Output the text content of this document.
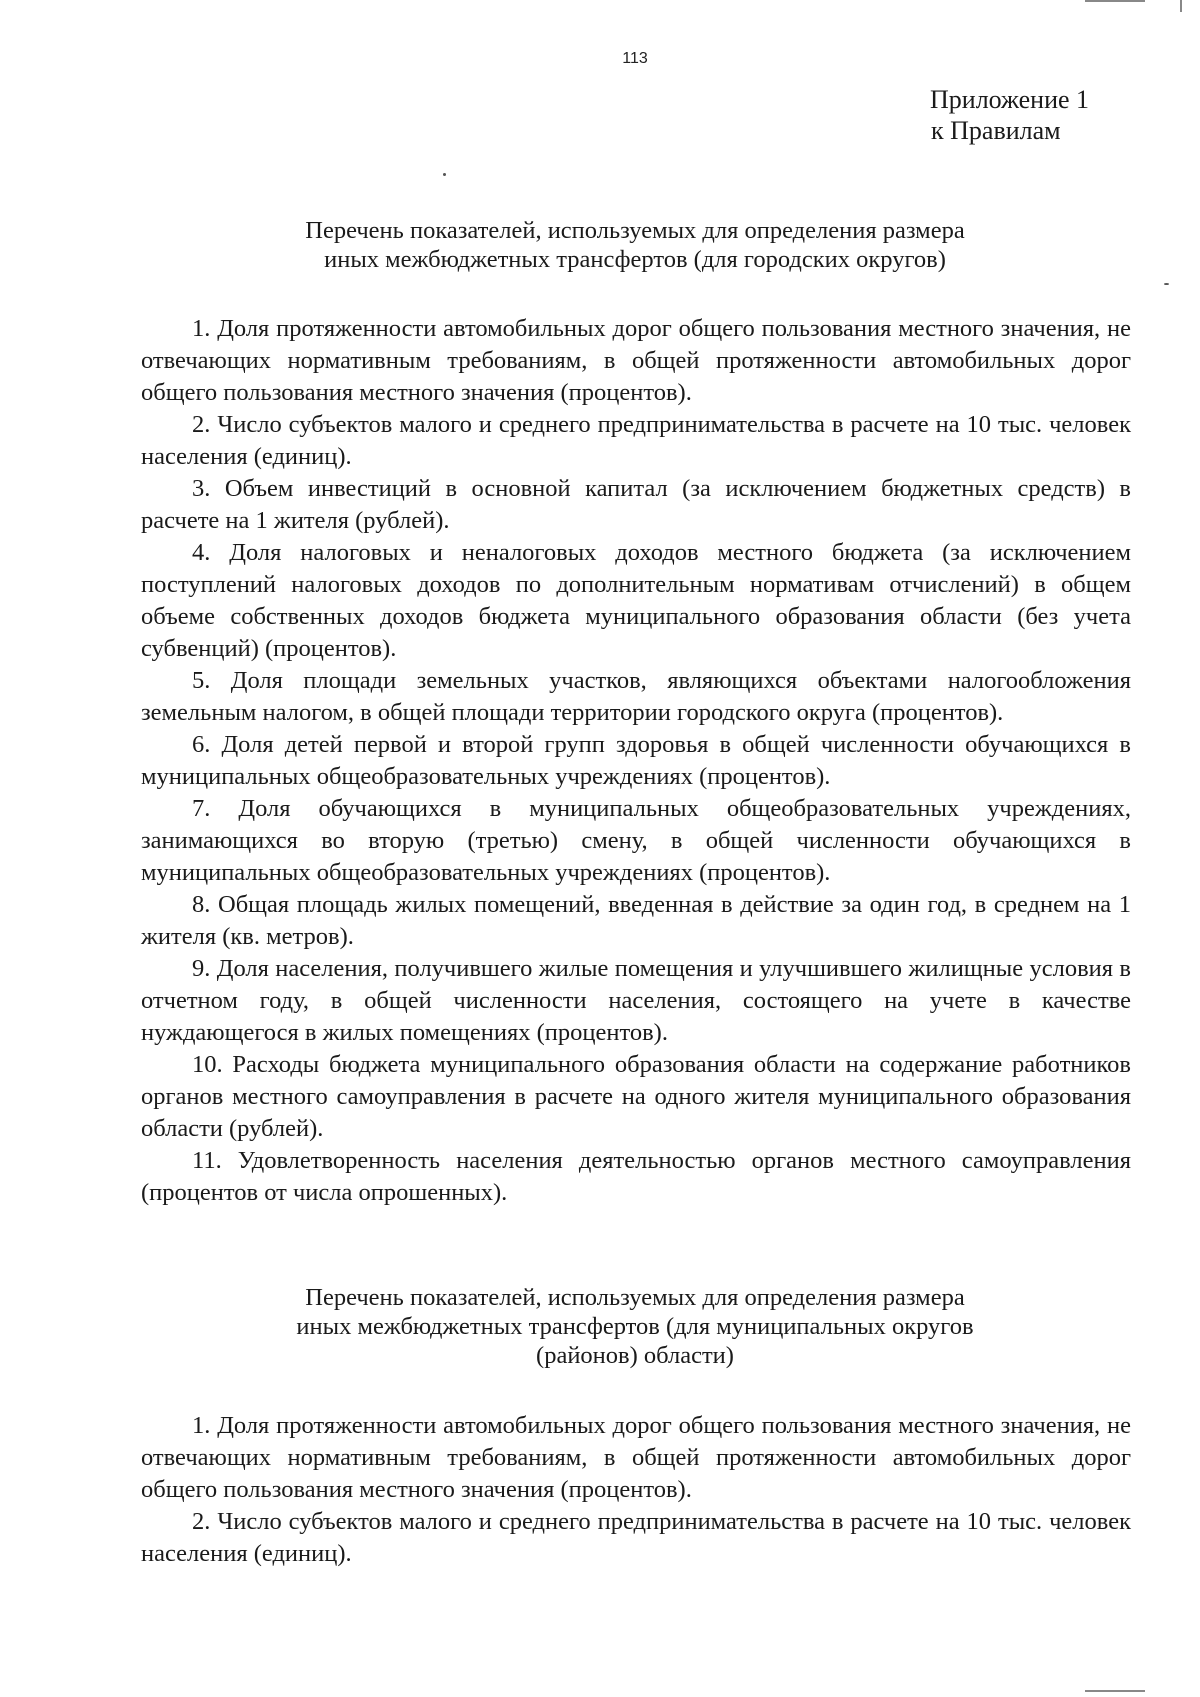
113
Приложение 1
к Правилам
Перечень показателей, используемых для определения размера
иных межбюджетных трансфертов (для городских округов)

1. Доля протяженности автомобильных дорог общего пользования местного значения, не отвечающих нормативным требованиям, в общей протяженности автомобильных дорог общего пользования местного значения (процентов).

2. Число субъектов малого и среднего предпринимательства в расчете на 10 тыс. человек населения (единиц).

3. Объем инвестиций в основной капитал (за исключением бюджетных средств) в расчете на 1 жителя (рублей).

4. Доля налоговых и неналоговых доходов местного бюджета (за исключением поступлений налоговых доходов по дополнительным нормативам отчислений) в общем объеме собственных доходов бюджета муниципального образования области (без учета субвенций) (процентов).

5. Доля площади земельных участков, являющихся объектами налогообложения земельным налогом, в общей площади территории городского округа (процентов).

6. Доля детей первой и второй групп здоровья в общей численности обучающихся в муниципальных общеобразовательных учреждениях (процентов).

7. Доля обучающихся в муниципальных общеобразовательных учреждениях, занимающихся во вторую (третью) смену, в общей численности обучающихся в муниципальных общеобразовательных учреждениях (процентов).

8. Общая площадь жилых помещений, введенная в действие за один год, в среднем на 1 жителя (кв. метров).

9. Доля населения, получившего жилые помещения и улучшившего жилищные условия в отчетном году, в общей численности населения, состоящего на учете в качестве нуждающегося в жилых помещениях (процентов).

10. Расходы бюджета муниципального образования области на содержание работников органов местного самоуправления в расчете на одного жителя муниципального образования области (рублей).

11. Удовлетворенность населения деятельностью органов местного самоуправления (процентов от числа опрошенных).

Перечень показателей, используемых для определения размера
иных межбюджетных трансфертов (для муниципальных округов
(районов) области)

1. Доля протяженности автомобильных дорог общего пользования местного значения, не отвечающих нормативным требованиям, в общей протяженности автомобильных дорог общего пользования местного значения (процентов).

2. Число субъектов малого и среднего предпринимательства в расчете на 10 тыс. человек населения (единиц).
